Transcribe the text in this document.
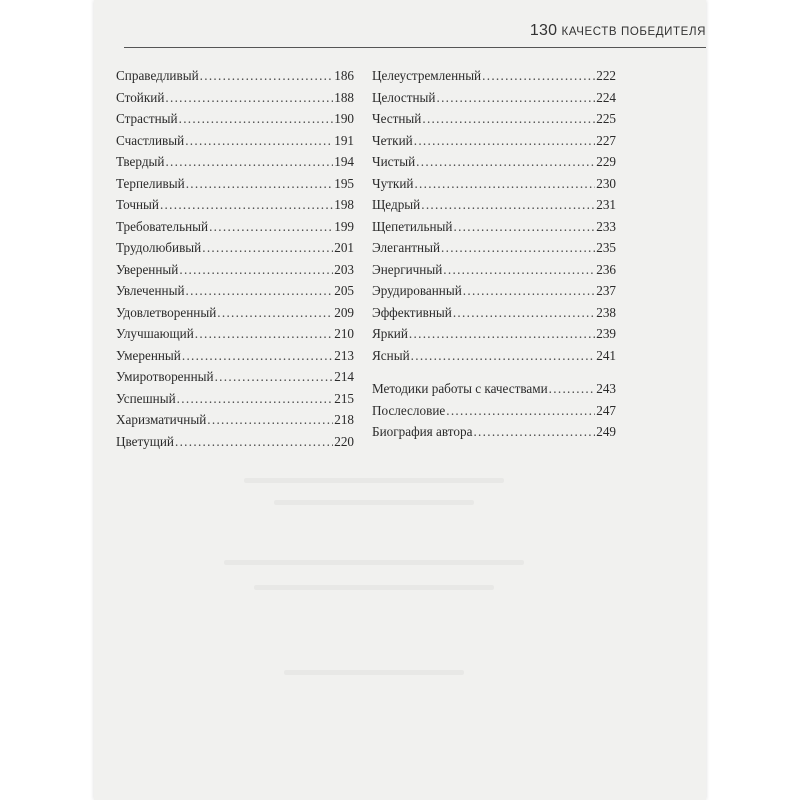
130 КАЧЕСТВ ПОБЕДИТЕЛЯ
Справедливый . . .	186
Стойкий . . .	188
Страстный . . .	190
Счастливый . . .	191
Твердый . . .	194
Терпеливый . . .	195
Точный . . .	198
Требовательный . . .	199
Трудолюбивый . . .	201
Уверенный . . .	203
Увлеченный . . .	205
Удовлетворенный . . .	209
Улучшающий . . .	210
Умеренный . . .	213
Умиротворенный . . .	214
Успешный . . .	215
Харизматичный . . .	218
Цветущий . . .	220
Целеустремленный . . .	222
Целостный . . .	224
Честный . . .	225
Четкий . . .	227
Чистый . . .	229
Чуткий . . .	230
Щедрый . . .	231
Щепетильный . . .	233
Элегантный . . .	235
Энергичный . . .	236
Эрудированный . . .	237
Эффективный . . .	238
Яркий . . .	239
Ясный . . .	241
Методики работы с качествами . . .	243
Послесловие . . .	247
Биография автора . . .	249
